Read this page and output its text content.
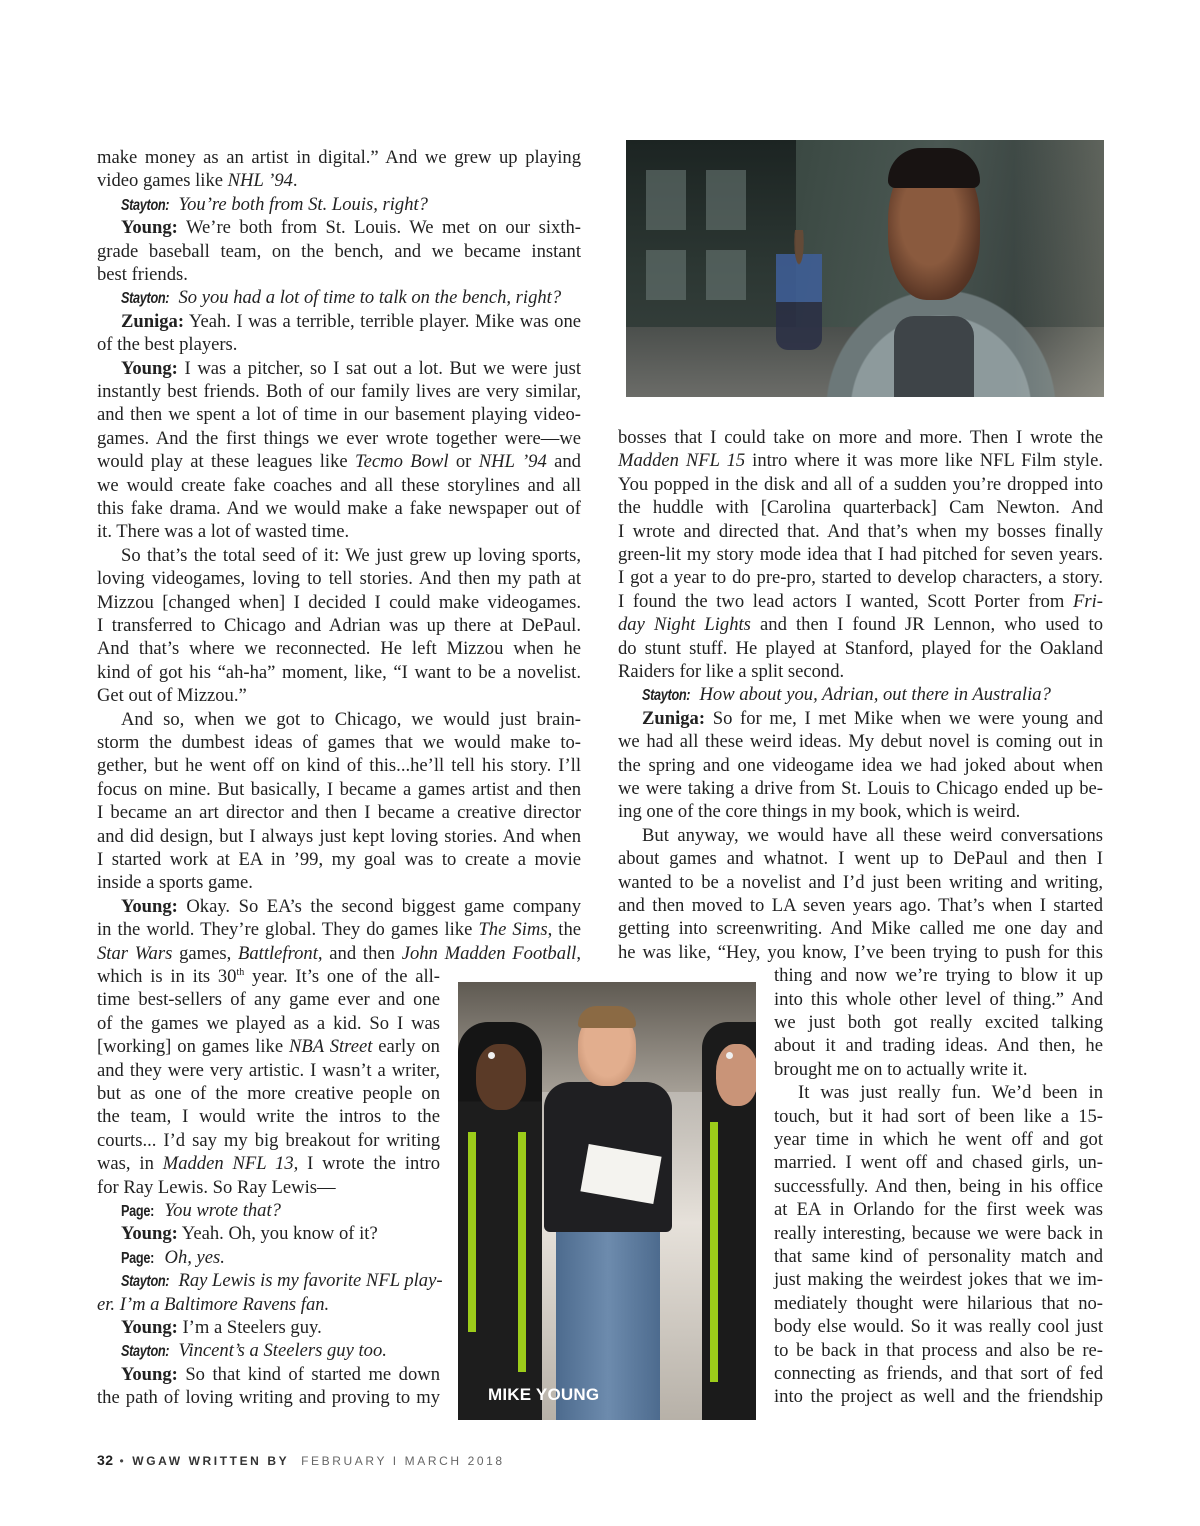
make money as an artist in digital.” And we grew up playing
video games like NHL ’94.
Stayton: You’re both from St. Louis, right?
Young: We’re both from St. Louis. We met on our sixth-
grade baseball team, on the bench, and we became instant
best friends.
Stayton: So you had a lot of time to talk on the bench, right?
Zuniga: Yeah. I was a terrible, terrible player. Mike was one
of the best players.
Young: I was a pitcher, so I sat out a lot. But we were just
instantly best friends. Both of our family lives are very similar,
and then we spent a lot of time in our basement playing video-
games. And the first things we ever wrote together were—we
would play at these leagues like Tecmo Bowl or NHL ’94 and
we would create fake coaches and all these storylines and all
this fake drama. And we would make a fake newspaper out of
it. There was a lot of wasted time.
So that’s the total seed of it: We just grew up loving sports,
loving videogames, loving to tell stories. And then my path at
Mizzou [changed when] I decided I could make videogames.
I transferred to Chicago and Adrian was up there at DePaul.
And that’s where we reconnected. He left Mizzou when he
kind of got his “ah-ha” moment, like, “I want to be a novelist.
Get out of Mizzou.”
And so, when we got to Chicago, we would just brain-
storm the dumbest ideas of games that we would make to-
gether, but he went off on kind of this...he’ll tell his story. I’ll
focus on mine. But basically, I became a games artist and then
I became an art director and then I became a creative director
and did design, but I always just kept loving stories. And when
I started work at EA in ’99, my goal was to create a movie
inside a sports game.
Young: Okay. So EA’s the second biggest game company
in the world. They’re global. They do games like The Sims, the
Star Wars games, Battlefront, and then John Madden Football,
which is in its 30th year. It’s one of the all-
time best-sellers of any game ever and one
of the games we played as a kid. So I was
[working] on games like NBA Street early on
and they were very artistic. I wasn’t a writer,
but as one of the more creative people on
the team, I would write the intros to the
courts... I’d say my big breakout for writing
was, in Madden NFL 13, I wrote the intro
for Ray Lewis. So Ray Lewis—
Page: You wrote that?
Young: Yeah. Oh, you know of it?
Page: Oh, yes.
Stayton: Ray Lewis is my favorite NFL play-
er. I’m a Baltimore Ravens fan.
Young: I’m a Steelers guy.
Stayton: Vincent’s a Steelers guy too.
Young: So that kind of started me down
the path of loving writing and proving to my
bosses that I could take on more and more. Then I wrote the
Madden NFL 15 intro where it was more like NFL Film style.
You popped in the disk and all of a sudden you’re dropped into
the huddle with [Carolina quarterback] Cam Newton. And
I wrote and directed that. And that’s when my bosses finally
green-lit my story mode idea that I had pitched for seven years.
I got a year to do pre-pro, started to develop characters, a story.
I found the two lead actors I wanted, Scott Porter from Fri-
day Night Lights and then I found JR Lennon, who used to
do stunt stuff. He played at Stanford, played for the Oakland
Raiders for like a split second.
Stayton: How about you, Adrian, out there in Australia?
Zuniga: So for me, I met Mike when we were young and
we had all these weird ideas. My debut novel is coming out in
the spring and one videogame idea we had joked about when
we were taking a drive from St. Louis to Chicago ended up be-
ing one of the core things in my book, which is weird.
But anyway, we would have all these weird conversations
about games and whatnot. I went up to DePaul and then I
wanted to be a novelist and I’d just been writing and writing,
and then moved to LA seven years ago. That’s when I started
getting into screenwriting. And Mike called me one day and
he was like, “Hey, you know, I’ve been trying to push for this
thing and now we’re trying to blow it up
into this whole other level of thing.” And
we just both got really excited talking
about it and trading ideas. And then, he
brought me on to actually write it.
It was just really fun. We’d been in
touch, but it had sort of been like a 15-
year time in which he went off and got
married. I went off and chased girls, un-
successfully. And then, being in his office
at EA in Orlando for the first week was
really interesting, because we were back in
that same kind of personality match and
just making the weirdest jokes that we im-
mediately thought were hilarious that no-
body else would. So it was really cool just
to be back in that process and also be re-
connecting as friends, and that sort of fed
into the project as well and the friendship
MIKE YOUNG
32 • WGAW WRITTEN BY FEBRUARY I MARCH 2018
